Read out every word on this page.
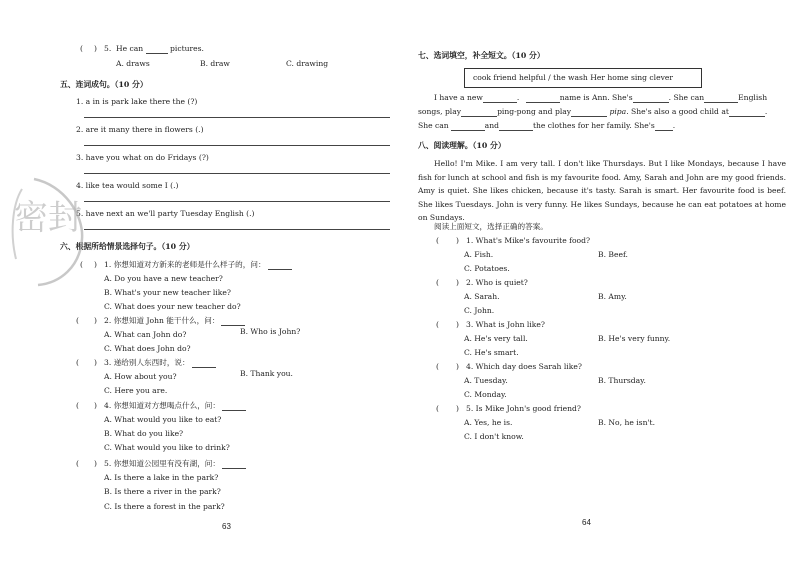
( ) 5. He can	pictures.
A. draws	B. draw	C. drawing
五、连词成句。（10 分）
1. a in is park lake there the (?)
2. are it many there in flowers (.)
3. have you what on do Fridays (?)
4. like tea would some I (.)
5. have next an we'll party Tuesday English (.)
六、根据所给情景选择句子。（10 分）
( ) 1. 你想知道对方新来的老师是什么样子的，问：
A. Do you have a new teacher?
B. What's your new teacher like?
C. What does your new teacher do?
( ) 2. 你想知道 John 能干什么，问：
A. What can John do?	B. Who is John?
C. What does John do?
( ) 3. 递给别人东西时，说：
A. How about you?	B. Thank you.
C. Here you are.
( ) 4. 你想知道对方想喝点什么，问：
A. What would you like to eat?
B. What do you like?
C. What would you like to drink?
( ) 5. 你想知道公园里有没有湖，问：
A. Is there a lake in the park?
B. Is there a river in the park?
C. Is there a forest in the park?
63
密封
七、选词填空，补全短文。（10 分）
cook friend helpful / the wash Her home sing clever
I have a new	.	name is Ann. She's	. She can	English
songs, play	ping-pong and play	pipa. She's also a good child at	.
She can	and	the clothes for her family. She's .
八、阅读理解。（10 分）
Hello! I'm Mike. I am very tall. I don't like Thursdays. But I like Mondays, because I have fish for lunch at school and fish is my favourite food. Amy, Sarah and John are my good friends. Amy is quiet. She likes chicken, because it's tasty. Sarah is smart. Her favourite food is beef. She likes Tuesdays. John is very funny. He likes Sundays, because he can eat potatoes at home on Sundays.
阅读上面短文，选择正确的答案。
( ) 1. What's Mike's favourite food?
A. Fish.	B. Beef.
C. Potatoes.
( ) 2. Who is quiet?
A. Sarah.	B. Amy.
C. John.
( ) 3. What is John like?
A. He's very tall.	B. He's very funny.
C. He's smart.
( ) 4. Which day does Sarah like?
A. Tuesday.	B. Thursday.
C. Monday.
( ) 5. Is Mike John's good friend?
A. Yes, he is.	B. No, he isn't.
C. I don't know.
64
